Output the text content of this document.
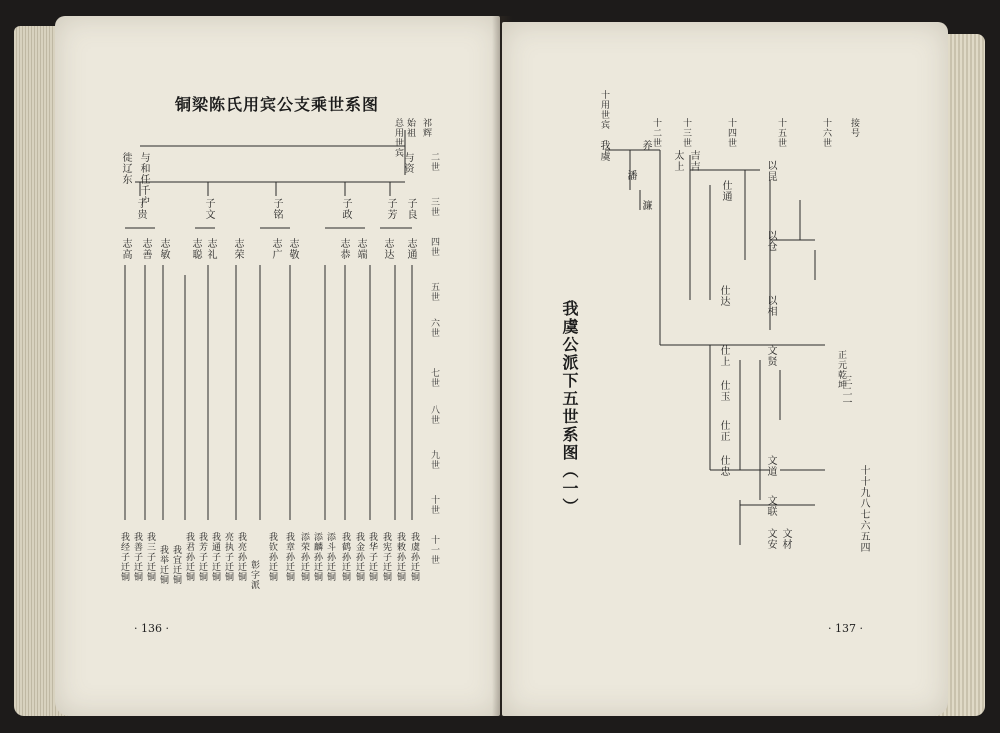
铜梁陈氏用宾公支乘世系图
总用世宾 始祖 祁辉
二世
三世
四世
五世
六世
七世
八世
九世
十世
十一世
徙辽东 与和任千户	与资
子贵	子文	子铭	子政	子芳 子良
志高 志善 志敏 志聪 志礼 志荣	志广 志敬	志恭 志端 志达 志通
我经子迁铜 我善子迁铜 我三子迁铜 我举迁铜 我宜迁铜 我君孙迁铜 我芳子迁铜 我通子迁铜 亮执子迁铜 我亮孙迁铜 彰字派 我钦孙迁铜 我章孙迁铜 添荣孙迁铜 添麟孙迁铜 添斗孙迁铜 我鹤孙迁铜 我金孙迁铜 我华子迁铜 我宪子迁铜 我敕孙迁铜 我虞孙迁铜
· 136 ·
我虞公派下五世系图（一）
十用世宾
十二世 十三世	十四世	十五世	十六世 接号
我虞	养
潘
濂
太上 吉吉
仕通
仕达
仕上
仕玉
仕正
仕忠
以昆
以仓
以相
文贤
文道
文联
文安 文材
三二一
正元乾坤
十十九八七六五四
· 137 ·
